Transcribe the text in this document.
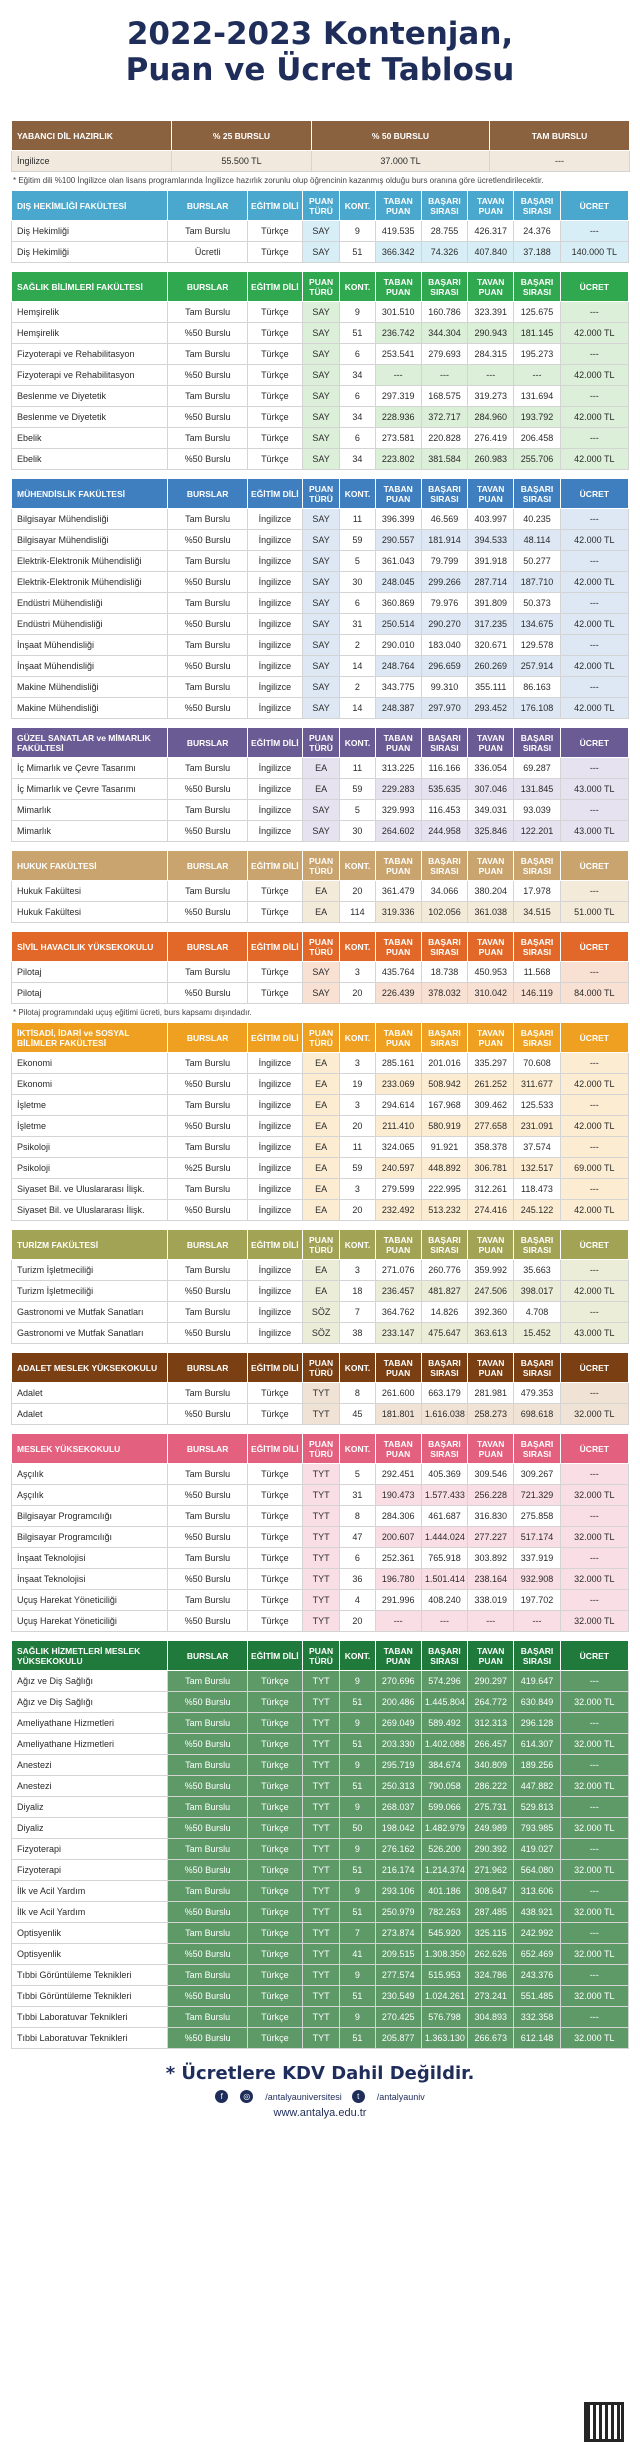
2022-2023 Kontenjan,
Puan ve Ücret Tablosu
YABANCI DİL HAZIRLIK	% 25 BURSLU	% 50 BURSLU	TAM BURSLU
İngilizce	55.500 TL	37.000 TL	---
* Eğitim dili %100 İngilizce olan lisans programlarında İngilizce hazırlık zorunlu olup öğrencinin kazanmış olduğu burs oranına göre ücretlendirilecektir.
DIŞ HEKİMLİĞİ FAKÜLTESİ	BURSLAR	EĞİTİM DİLİ	PUAN TÜRÜ	KONT.	TABAN PUAN	BAŞARI SIRASI	TAVAN PUAN	BAŞARI SIRASI	ÜCRET
Diş Hekimliği	Tam Burslu	Türkçe	SAY	9	419.535	28.755	426.317	24.376	---
Diş Hekimliği	Ücretli	Türkçe	SAY	51	366.342	74.326	407.840	37.188	140.000 TL
SAĞLIK BİLİMLERİ FAKÜLTESİ	BURSLAR	EĞİTİM DİLİ	PUAN TÜRÜ	KONT.	TABAN PUAN	BAŞARI SIRASI	TAVAN PUAN	BAŞARI SIRASI	ÜCRET
Hemşirelik	Tam Burslu	Türkçe	SAY	9	301.510	160.786	323.391	125.675	---
Hemşirelik	%50 Burslu	Türkçe	SAY	51	236.742	344.304	290.943	181.145	42.000 TL
Fizyoterapi ve Rehabilitasyon	Tam Burslu	Türkçe	SAY	6	253.541	279.693	284.315	195.273	---
Fizyoterapi ve Rehabilitasyon	%50 Burslu	Türkçe	SAY	34	---	---	---	---	42.000 TL
Beslenme ve Diyetetik	Tam Burslu	Türkçe	SAY	6	297.319	168.575	319.273	131.694	---
Beslenme ve Diyetetik	%50 Burslu	Türkçe	SAY	34	228.936	372.717	284.960	193.792	42.000 TL
Ebelik	Tam Burslu	Türkçe	SAY	6	273.581	220.828	276.419	206.458	---
Ebelik	%50 Burslu	Türkçe	SAY	34	223.802	381.584	260.983	255.706	42.000 TL
MÜHENDİSLİK FAKÜLTESİ	BURSLAR	EĞİTİM DİLİ	PUAN TÜRÜ	KONT.	TABAN PUAN	BAŞARI SIRASI	TAVAN PUAN	BAŞARI SIRASI	ÜCRET
Bilgisayar Mühendisliği	Tam Burslu	İngilizce	SAY	11	396.399	46.569	403.997	40.235	---
Bilgisayar Mühendisliği	%50 Burslu	İngilizce	SAY	59	290.557	181.914	394.533	48.114	42.000 TL
Elektrik-Elektronik Mühendisliği	Tam Burslu	İngilizce	SAY	5	361.043	79.799	391.918	50.277	---
Elektrik-Elektronik Mühendisliği	%50 Burslu	İngilizce	SAY	30	248.045	299.266	287.714	187.710	42.000 TL
Endüstri Mühendisliği	Tam Burslu	İngilizce	SAY	6	360.869	79.976	391.809	50.373	---
Endüstri Mühendisliği	%50 Burslu	İngilizce	SAY	31	250.514	290.270	317.235	134.675	42.000 TL
İnşaat Mühendisliği	Tam Burslu	İngilizce	SAY	2	290.010	183.040	320.671	129.578	---
İnşaat Mühendisliği	%50 Burslu	İngilizce	SAY	14	248.764	296.659	260.269	257.914	42.000 TL
Makine Mühendisliği	Tam Burslu	İngilizce	SAY	2	343.775	99.310	355.111	86.163	---
Makine Mühendisliği	%50 Burslu	İngilizce	SAY	14	248.387	297.970	293.452	176.108	42.000 TL
GÜZEL SANATLAR ve MİMARLIK FAKÜLTESİ	BURSLAR	EĞİTİM DİLİ	PUAN TÜRÜ	KONT.	TABAN PUAN	BAŞARI SIRASI	TAVAN PUAN	BAŞARI SIRASI	ÜCRET
İç Mimarlık ve Çevre Tasarımı	Tam Burslu	İngilizce	EA	11	313.225	116.166	336.054	69.287	---
İç Mimarlık ve Çevre Tasarımı	%50 Burslu	İngilizce	EA	59	229.283	535.635	307.046	131.845	43.000 TL
Mimarlık	Tam Burslu	İngilizce	SAY	5	329.993	116.453	349.031	93.039	---
Mimarlık	%50 Burslu	İngilizce	SAY	30	264.602	244.958	325.846	122.201	43.000 TL
HUKUK FAKÜLTESİ	BURSLAR	EĞİTİM DİLİ	PUAN TÜRÜ	KONT.	TABAN PUAN	BAŞARI SIRASI	TAVAN PUAN	BAŞARI SIRASI	ÜCRET
Hukuk Fakültesi	Tam Burslu	Türkçe	EA	20	361.479	34.066	380.204	17.978	---
Hukuk Fakültesi	%50 Burslu	Türkçe	EA	114	319.336	102.056	361.038	34.515	51.000 TL
SİVİL HAVACILIK YÜKSEKOKULU	BURSLAR	EĞİTİM DİLİ	PUAN TÜRÜ	KONT.	TABAN PUAN	BAŞARI SIRASI	TAVAN PUAN	BAŞARI SIRASI	ÜCRET
Pilotaj	Tam Burslu	Türkçe	SAY	3	435.764	18.738	450.953	11.568	---
Pilotaj	%50 Burslu	Türkçe	SAY	20	226.439	378.032	310.042	146.119	84.000 TL
* Pilotaj programındaki uçuş eğitimi ücreti, burs kapsamı dışındadır.
İKTİSADİ, İDARİ ve SOSYAL BİLİMLER FAKÜLTESİ	BURSLAR	EĞİTİM DİLİ	PUAN TÜRÜ	KONT.	TABAN PUAN	BAŞARI SIRASI	TAVAN PUAN	BAŞARI SIRASI	ÜCRET
Ekonomi	Tam Burslu	İngilizce	EA	3	285.161	201.016	335.297	70.608	---
Ekonomi	%50 Burslu	İngilizce	EA	19	233.069	508.942	261.252	311.677	42.000 TL
İşletme	Tam Burslu	İngilizce	EA	3	294.614	167.968	309.462	125.533	---
İşletme	%50 Burslu	İngilizce	EA	20	211.410	580.919	277.658	231.091	42.000 TL
Psikoloji	Tam Burslu	İngilizce	EA	11	324.065	91.921	358.378	37.574	---
Psikoloji	%25 Burslu	İngilizce	EA	59	240.597	448.892	306.781	132.517	69.000 TL
Siyaset Bil. ve Uluslararası İlişk.	Tam Burslu	İngilizce	EA	3	279.599	222.995	312.261	118.473	---
Siyaset Bil. ve Uluslararası İlişk.	%50 Burslu	İngilizce	EA	20	232.492	513.232	274.416	245.122	42.000 TL
TURİZM FAKÜLTESİ	BURSLAR	EĞİTİM DİLİ	PUAN TÜRÜ	KONT.	TABAN PUAN	BAŞARI SIRASI	TAVAN PUAN	BAŞARI SIRASI	ÜCRET
Turizm İşletmeciliği	Tam Burslu	İngilizce	EA	3	271.076	260.776	359.992	35.663	---
Turizm İşletmeciliği	%50 Burslu	İngilizce	EA	18	236.457	481.827	247.506	398.017	42.000 TL
Gastronomi ve Mutfak Sanatları	Tam Burslu	İngilizce	SÖZ	7	364.762	14.826	392.360	4.708	---
Gastronomi ve Mutfak Sanatları	%50 Burslu	İngilizce	SÖZ	38	233.147	475.647	363.613	15.452	43.000 TL
ADALET MESLEK YÜKSEKOKULU	BURSLAR	EĞİTİM DİLİ	PUAN TÜRÜ	KONT.	TABAN PUAN	BAŞARI SIRASI	TAVAN PUAN	BAŞARI SIRASI	ÜCRET
Adalet	Tam Burslu	Türkçe	TYT	8	261.600	663.179	281.981	479.353	---
Adalet	%50 Burslu	Türkçe	TYT	45	181.801	1.616.038	258.273	698.618	32.000 TL
MESLEK YÜKSEKOKULU	BURSLAR	EĞİTİM DİLİ	PUAN TÜRÜ	KONT.	TABAN PUAN	BAŞARI SIRASI	TAVAN PUAN	BAŞARI SIRASI	ÜCRET
Aşçılık	Tam Burslu	Türkçe	TYT	5	292.451	405.369	309.546	309.267	---
Aşçılık	%50 Burslu	Türkçe	TYT	31	190.473	1.577.433	256.228	721.329	32.000 TL
Bilgisayar Programcılığı	Tam Burslu	Türkçe	TYT	8	284.306	461.687	316.830	275.858	---
Bilgisayar Programcılığı	%50 Burslu	Türkçe	TYT	47	200.607	1.444.024	277.227	517.174	32.000 TL
İnşaat Teknolojisi	Tam Burslu	Türkçe	TYT	6	252.361	765.918	303.892	337.919	---
İnşaat Teknolojisi	%50 Burslu	Türkçe	TYT	36	196.780	1.501.414	238.164	932.908	32.000 TL
Uçuş Harekat Yöneticiliği	Tam Burslu	Türkçe	TYT	4	291.996	408.240	338.019	197.702	---
Uçuş Harekat Yöneticiliği	%50 Burslu	Türkçe	TYT	20	---	---	---	---	32.000 TL
SAĞLIK HİZMETLERİ MESLEK YÜKSEKOKULU	BURSLAR	EĞİTİM DİLİ	PUAN TÜRÜ	KONT.	TABAN PUAN	BAŞARI SIRASI	TAVAN PUAN	BAŞARI SIRASI	ÜCRET
Ağız ve Diş Sağlığı	Tam Burslu	Türkçe	TYT	9	270.696	574.296	290.297	419.647	---
Ağız ve Diş Sağlığı	%50 Burslu	Türkçe	TYT	51	200.486	1.445.804	264.772	630.849	32.000 TL
Ameliyathane Hizmetleri	Tam Burslu	Türkçe	TYT	9	269.049	589.492	312.313	296.128	---
Ameliyathane Hizmetleri	%50 Burslu	Türkçe	TYT	51	203.330	1.402.088	266.457	614.307	32.000 TL
Anestezi	Tam Burslu	Türkçe	TYT	9	295.719	384.674	340.809	189.256	---
Anestezi	%50 Burslu	Türkçe	TYT	51	250.313	790.058	286.222	447.882	32.000 TL
Diyaliz	Tam Burslu	Türkçe	TYT	9	268.037	599.066	275.731	529.813	---
Diyaliz	%50 Burslu	Türkçe	TYT	50	198.042	1.482.979	249.989	793.985	32.000 TL
Fizyoterapi	Tam Burslu	Türkçe	TYT	9	276.162	526.200	290.392	419.027	---
Fizyoterapi	%50 Burslu	Türkçe	TYT	51	216.174	1.214.374	271.962	564.080	32.000 TL
İlk ve Acil Yardım	Tam Burslu	Türkçe	TYT	9	293.106	401.186	308.647	313.606	---
İlk ve Acil Yardım	%50 Burslu	Türkçe	TYT	51	250.979	782.263	287.485	438.921	32.000 TL
Optisyenlik	Tam Burslu	Türkçe	TYT	7	273.874	545.920	325.115	242.992	---
Optisyenlik	%50 Burslu	Türkçe	TYT	41	209.515	1.308.350	262.626	652.469	32.000 TL
Tıbbi Görüntüleme Teknikleri	Tam Burslu	Türkçe	TYT	9	277.574	515.953	324.786	243.376	---
Tıbbi Görüntüleme Teknikleri	%50 Burslu	Türkçe	TYT	51	230.549	1.024.261	273.241	551.485	32.000 TL
Tıbbi Laboratuvar Teknikleri	Tam Burslu	Türkçe	TYT	9	270.425	576.798	304.893	332.358	---
Tıbbi Laboratuvar Teknikleri	%50 Burslu	Türkçe	TYT	51	205.877	1.363.130	266.673	612.148	32.000 TL
* Ücretlere KDV Dahil Değildir.
f	◎	/antalyauniversitesi	t	/antalyauniv
www.antalya.edu.tr
